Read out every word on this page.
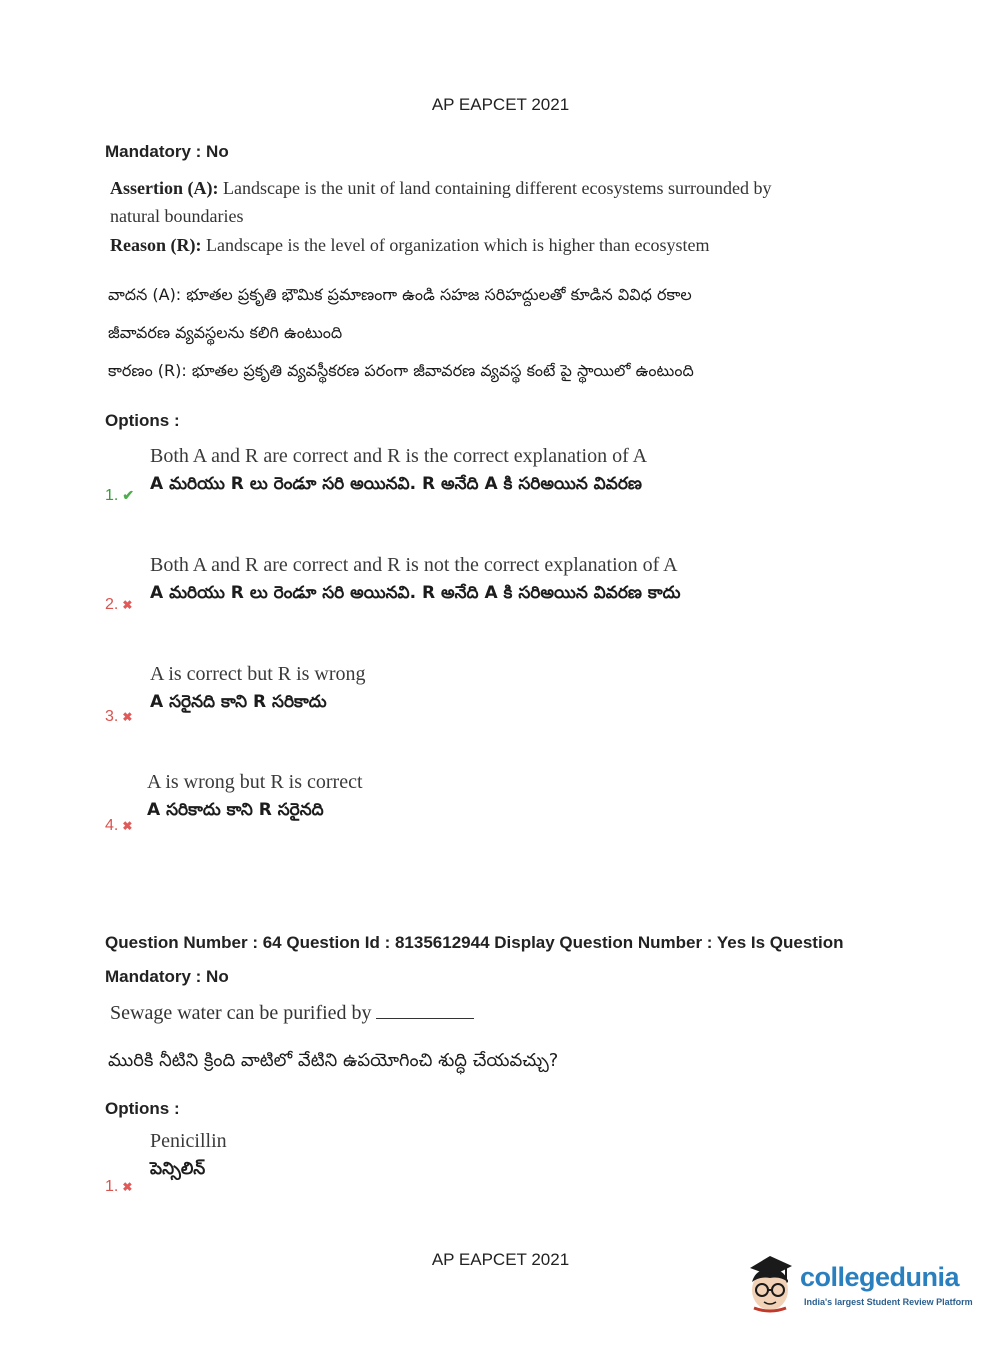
AP EAPCET 2021
Mandatory : No
Assertion (A): Landscape is the unit of land containing different ecosystems surrounded by
natural boundaries
Reason (R): Landscape is the level of organization which is higher than ecosystem
వాదన (A): భూతల ప్రకృతి భౌమిక ప్రమాణంగా ఉండి సహజ సరిహద్దులతో కూడిన వివిధ రకాల
జీవావరణ వ్యవస్థలను కలిగి ఉంటుంది
కారణం (R): భూతల ప్రకృతి వ్యవస్థీకరణ పరంగా జీవావరణ వ్యవస్థ కంటే పై స్థాయిలో ఉంటుంది
Options :
Both A and R are correct and R is the correct explanation of A
A మరియు R లు రెండూ సరి అయినవి. R అనేది A కి సరిఅయిన వివరణ
1. ✔
Both A and R are correct and R is not the correct explanation of A
A మరియు R లు రెండూ సరి అయినవి. R అనేది A కి సరిఅయిన వివరణ కాదు
2. ✖
A is correct but R is wrong
A సరైనది కాని R సరికాదు
3. ✖
A is wrong but R is correct
A సరికాదు కాని R సరైనది
4. ✖
Question Number : 64 Question Id : 8135612944 Display Question Number : Yes Is Question
Mandatory : No
Sewage water can be purified by
మురికి నీటిని క్రింది వాటిలో వేటిని ఉపయోగించి శుద్ధి చేయవచ్చు?
Options :
Penicillin
పెన్సిలిన్
1. ✖
AP EAPCET 2021
collegedunia
India's largest Student Review Platform
